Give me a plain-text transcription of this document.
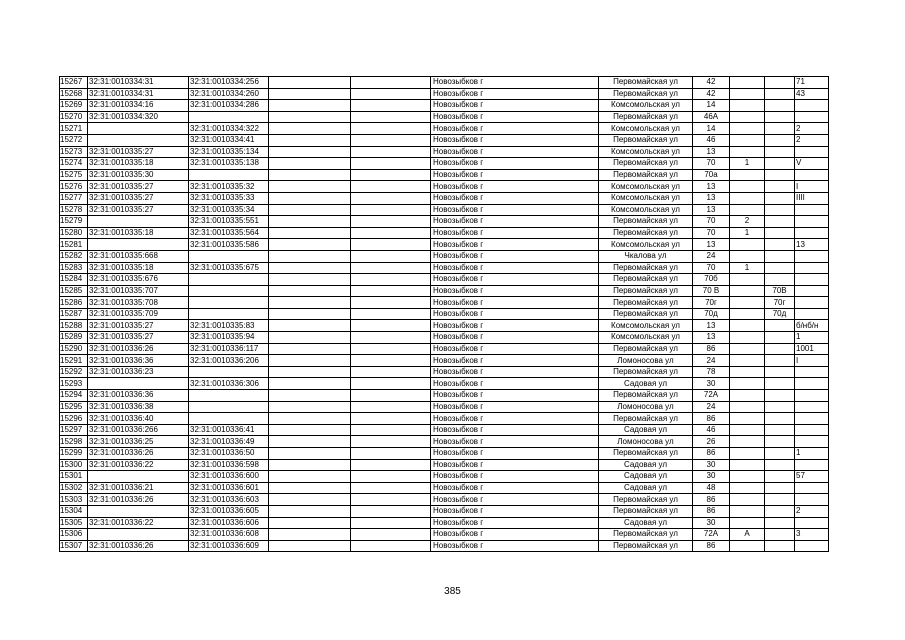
15267	32:31:0010334:31	32:31:0010334:256			Новозыбков г	Первомайская ул	42			71
15268	32:31:0010334:31	32:31:0010334:260			Новозыбков г	Первомайская ул	42			43
15269	32:31:0010334:16	32:31:0010334:286			Новозыбков г	Комсомольская ул	14			
15270	32:31:0010334:320				Новозыбков г	Первомайская ул	46А			
15271		32:31:0010334:322			Новозыбков г	Комсомольская ул	14			2
15272		32:31:0010334:41			Новозыбков г	Первомайская ул	46			2
15273	32:31:0010335:27	32:31:0010335:134			Новозыбков г	Комсомольская ул	13			
15274	32:31:0010335:18	32:31:0010335:138			Новозыбков г	Первомайская ул	70	1		V
15275	32:31:0010335:30				Новозыбков г	Первомайская ул	70а			
15276	32:31:0010335:27	32:31:0010335:32			Новозыбков г	Комсомольская ул	13			I
15277	32:31:0010335:27	32:31:0010335:33			Новозыбков г	Комсомольская ул	13			IIII
15278	32:31:0010335:27	32:31:0010335:34			Новозыбков г	Комсомольская ул	13			
15279		32:31:0010335:551			Новозыбков г	Первомайская ул	70	2		
15280	32:31:0010335:18	32:31:0010335:564			Новозыбков г	Первомайская ул	70	1		
15281		32:31:0010335:586			Новозыбков г	Комсомольская ул	13			13
15282	32:31:0010335:668				Новозыбков г	Чкалова ул	24			
15283	32:31:0010335:18	32:31:0010335:675			Новозыбков г	Первомайская ул	70	1		
15284	32:31:0010335:676				Новозыбков г	Первомайская ул	70б			
15285	32:31:0010335:707				Новозыбков г	Первомайская ул	70 В		70В	
15286	32:31:0010335:708				Новозыбков г	Первомайская ул	70г		70г	
15287	32:31:0010335:709				Новозыбков г	Первомайская ул	70д		70д	
15288	32:31:0010335:27	32:31:0010335:83			Новозыбков г	Комсомольская ул	13			б/нб/н
15289	32:31:0010335:27	32:31:0010335:94			Новозыбков г	Комсомольская ул	13			1
15290	32:31:0010336:26	32:31:0010336:117			Новозыбков г	Первомайская ул	86			1001
15291	32:31:0010336:36	32:31:0010336:206			Новозыбков г	Ломоносова ул	24			I
15292	32:31:0010336:23				Новозыбков г	Первомайская ул	78			
15293		32:31:0010336:306			Новозыбков г	Садовая ул	30			
15294	32:31:0010336:36				Новозыбков г	Первомайская ул	72А			
15295	32:31:0010336:38				Новозыбков г	Ломоносова ул	24			
15296	32:31:0010336:40				Новозыбков г	Первомайская ул	86			
15297	32:31:0010336:266	32:31:0010336:41			Новозыбков г	Садовая ул	46			
15298	32:31:0010336:25	32:31:0010336:49			Новозыбков г	Ломоносова ул	26			
15299	32:31:0010336:26	32:31:0010336:50			Новозыбков г	Первомайская ул	86			1
15300	32:31:0010336:22	32:31:0010336:598			Новозыбков г	Садовая ул	30			
15301		32:31:0010336:600			Новозыбков г	Садовая ул	30			57
15302	32:31:0010336:21	32:31:0010336:601			Новозыбков г	Садовая ул	48			
15303	32:31:0010336:26	32:31:0010336:603			Новозыбков г	Первомайская ул	86			
15304		32:31:0010336:605			Новозыбков г	Первомайская ул	86			2
15305	32:31:0010336:22	32:31:0010336:606			Новозыбков г	Садовая ул	30			
15306		32:31:0010336:608			Новозыбков г	Первомайская ул	72А	А		3
15307	32:31:0010336:26	32:31:0010336:609			Новозыбков г	Первомайская ул	86			
385
